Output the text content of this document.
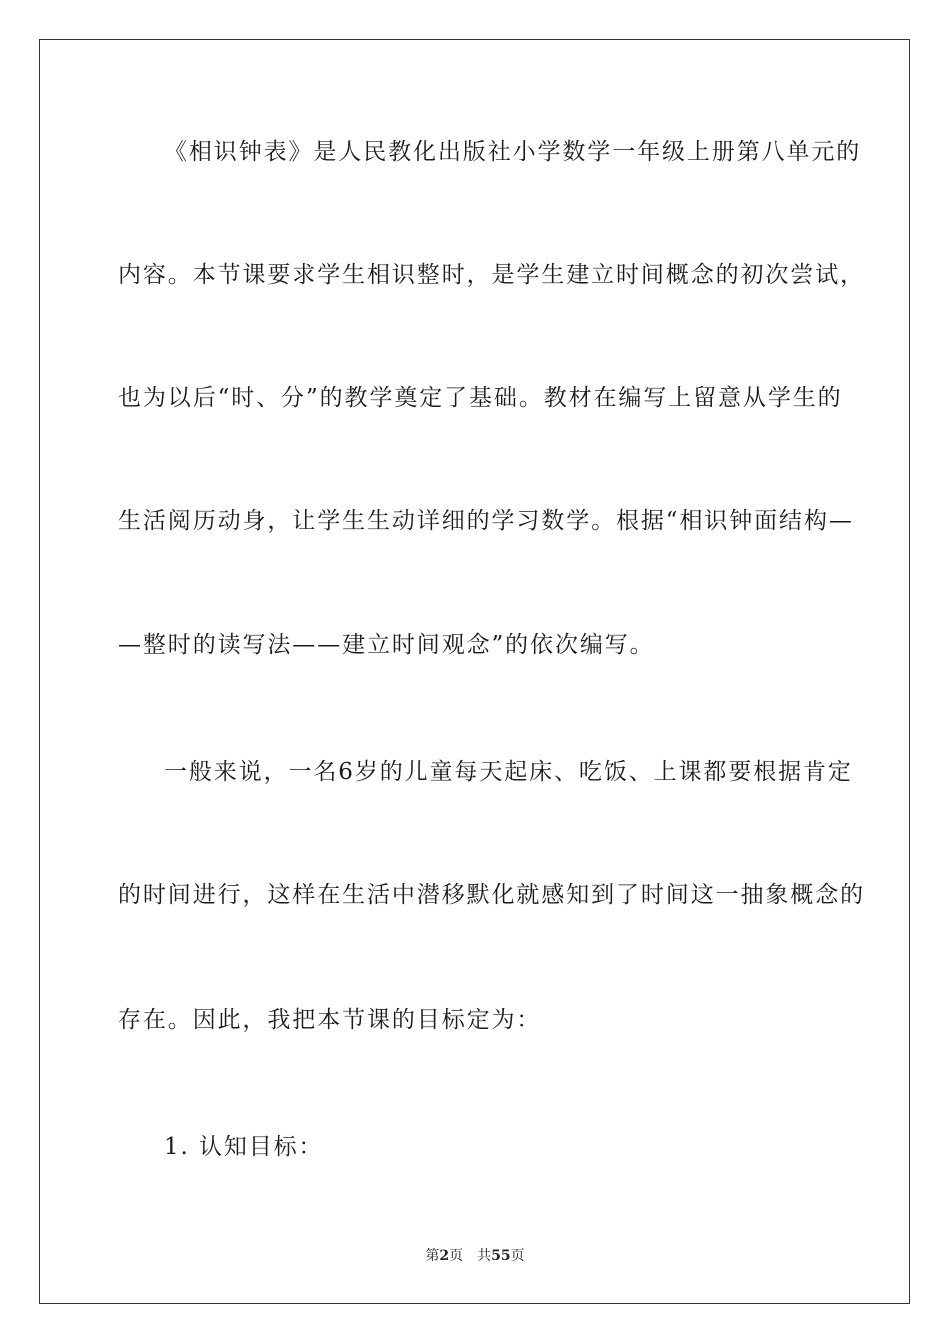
《相识钟表》是人民教化出版社小学数学一年级上册第八单元的
内容。本节课要求学生相识整时，是学生建立时间概念的初次尝试，
也为以后“时、分”的教学奠定了基础。教材在编写上留意从学生的
生活阅历动身，让学生生动详细的学习数学。根据“相识钟面结构—
—整时的读写法——建立时间观念”的依次编写。
一般来说，一名6岁的儿童每天起床、吃饭、上课都要根据肯定
的时间进行，这样在生活中潜移默化就感知到了时间这一抽象概念的
存在。因此，我把本节课的目标定为：
1. 认知目标：
第2页 共55页
